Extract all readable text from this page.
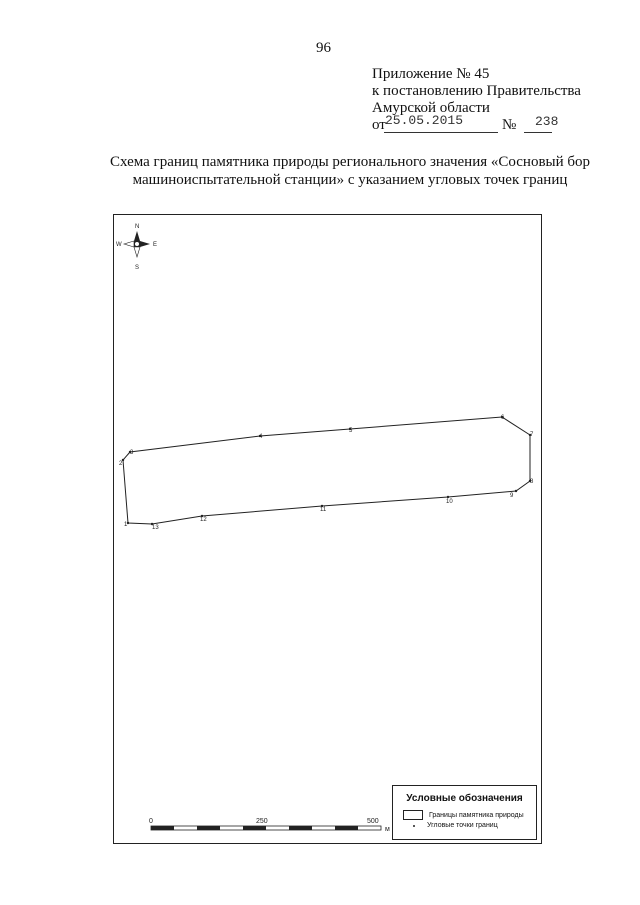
96
Приложение № 45
к постановлению Правительства
Амурской области
от 25.05.2015	№ 238
Схема границ памятника природы регионального значения «Сосновый бор
машиноиспытательной станции» с указанием угловых точек границ
N
S
W	E
1
2
3
4
5
6
7
8
9
10
11
12
13
0	250	500
м
Условные обозначения
Границы памятника природы
Угловые точки границ
